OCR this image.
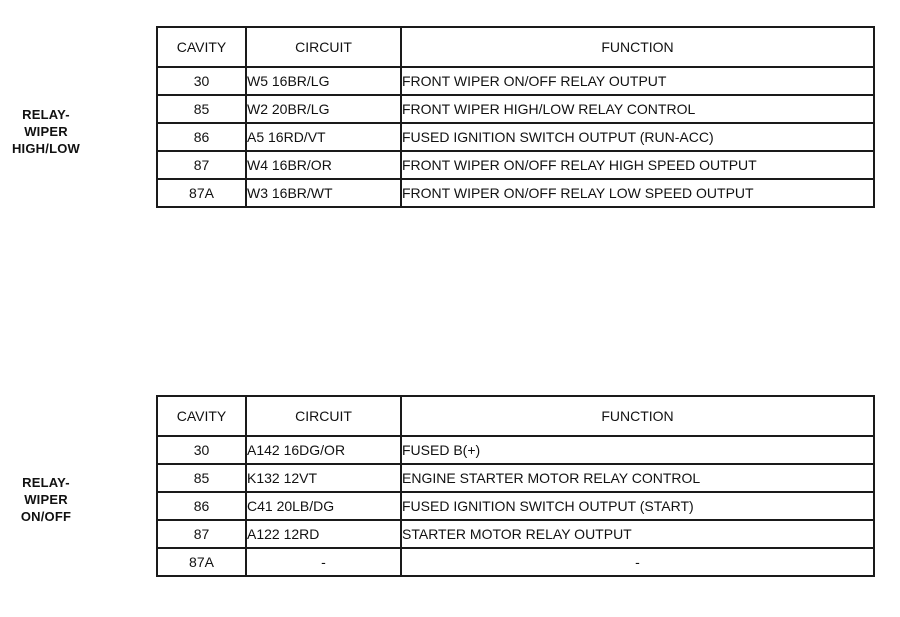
RELAY-
WIPER
HIGH/LOW
CAVITY	CIRCUIT	FUNCTION
30	W5 16BR/LG	FRONT WIPER ON/OFF RELAY OUTPUT
85	W2 20BR/LG	FRONT WIPER HIGH/LOW RELAY CONTROL
86	A5 16RD/VT	FUSED IGNITION SWITCH OUTPUT (RUN-ACC)
87	W4 16BR/OR	FRONT WIPER ON/OFF RELAY HIGH SPEED OUTPUT
87A	W3 16BR/WT	FRONT WIPER ON/OFF RELAY LOW SPEED OUTPUT
RELAY-
WIPER
ON/OFF
CAVITY	CIRCUIT	FUNCTION
30	A142 16DG/OR	FUSED B(+)
85	K132 12VT	ENGINE STARTER MOTOR RELAY CONTROL
86	C41 20LB/DG	FUSED IGNITION SWITCH OUTPUT (START)
87	A122 12RD	STARTER MOTOR RELAY OUTPUT
87A	-	-
